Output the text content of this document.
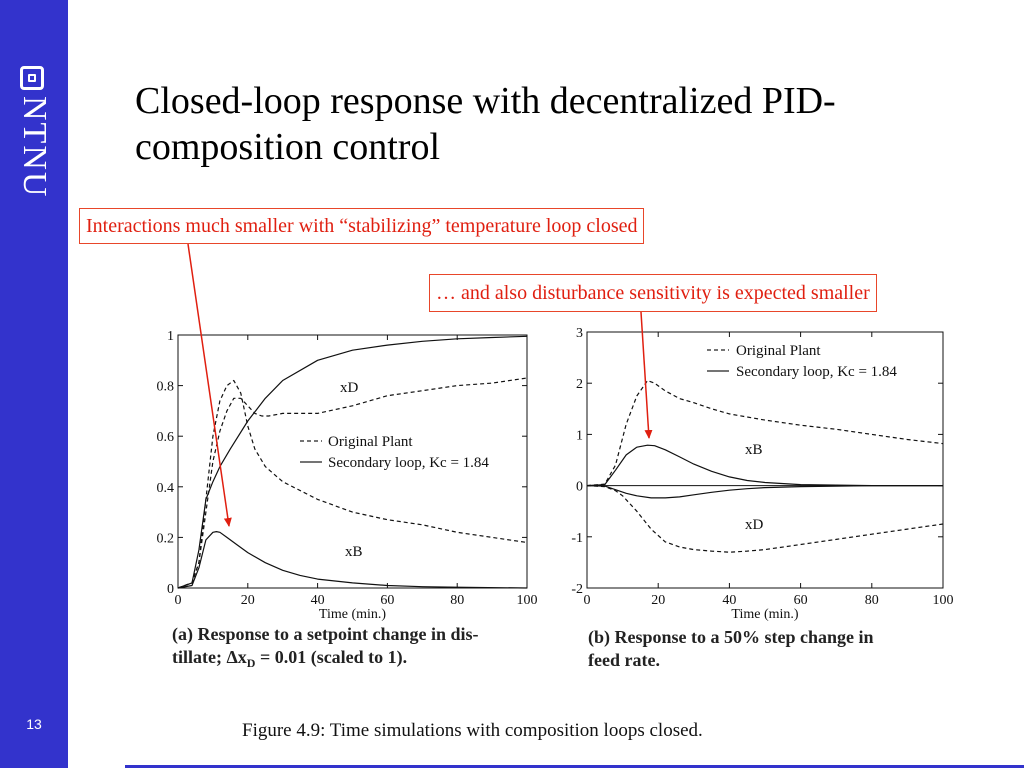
NTNU
13
Closed-loop response with decentralized PID-
composition control
0	20	40	60	80	100
0
0.2
0.4
0.6
0.8
1
Time (min.)
0	20	40	60	80	100
-2
-1
0
1
2
3
Time (min.)
xD
xB
Original Plant
Secondary loop, Kc = 1.84
(a) Response to a setpoint change in dis-
tillate; $\Delta x_D = 0.01$ (scaled to 1).
xB
xD
Original Plant
Secondary loop, Kc = 1.84
(b) Response to a 50% step change in
feed rate.
Figure 4.9: Time simulations with composition loops closed.
Interactions much smaller with “stabilizing” temperature loop closed
… and also disturbance sensitivity is expected smaller
